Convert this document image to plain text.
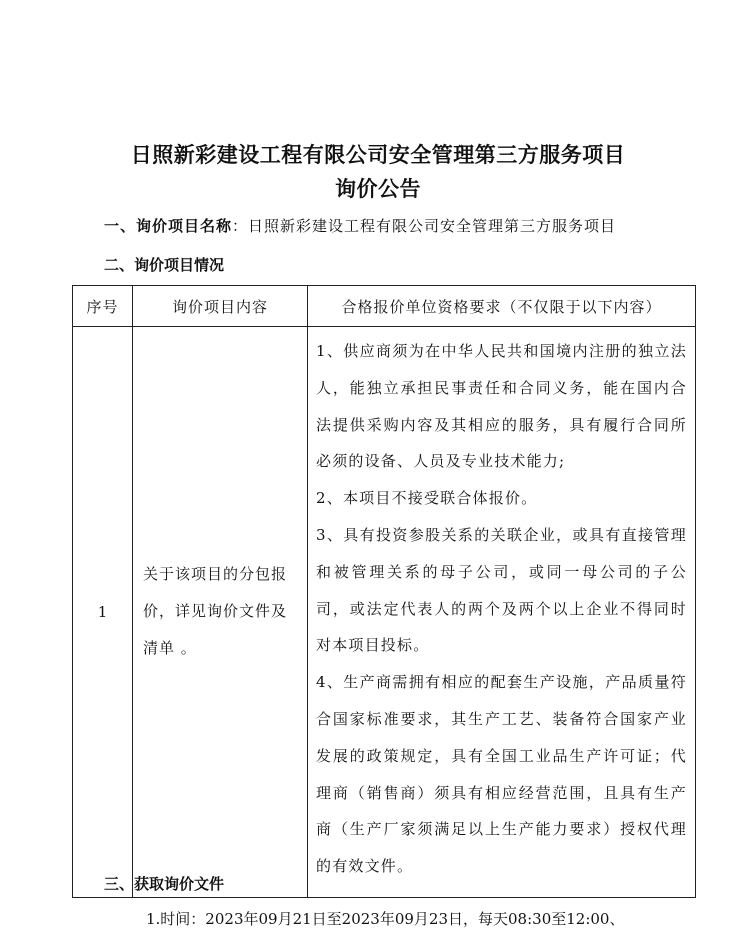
日照新彩建设工程有限公司安全管理第三方服务项目
询价公告
一、询价项目名称：日照新彩建设工程有限公司安全管理第三方服务项目
二、询价项目情况
序号	询价项目内容	合格报价单位资格要求（不仅限于以下内容）
1	关于该项目的分包报价，详见询价文件及清单 。	1、供应商须为在中华人民共和国境内注册的独立法人，能独立承担民事责任和合同义务，能在国内合法提供采购内容及其相应的服务，具有履行合同所必须的设备、人员及专业技术能力;

2、本项目不接受联合体报价。

3、具有投资参股关系的关联企业，或具有直接管理和被管理关系的母子公司，或同一母公司的子公司，或法定代表人的两个及两个以上企业不得同时对本项目投标。

4、生产商需拥有相应的配套生产设施，产品质量符合国家标准要求，其生产工艺、装备符合国家产业发展的政策规定，具有全国工业品生产许可证；代理商（销售商）须具有相应经营范围，且具有生产商（生产厂家须满足以上生产能力要求）授权代理的有效文件。

三、获取询价文件
1.时间：2023年09月21日至2023年09月23日，每天08:30至12:00、
